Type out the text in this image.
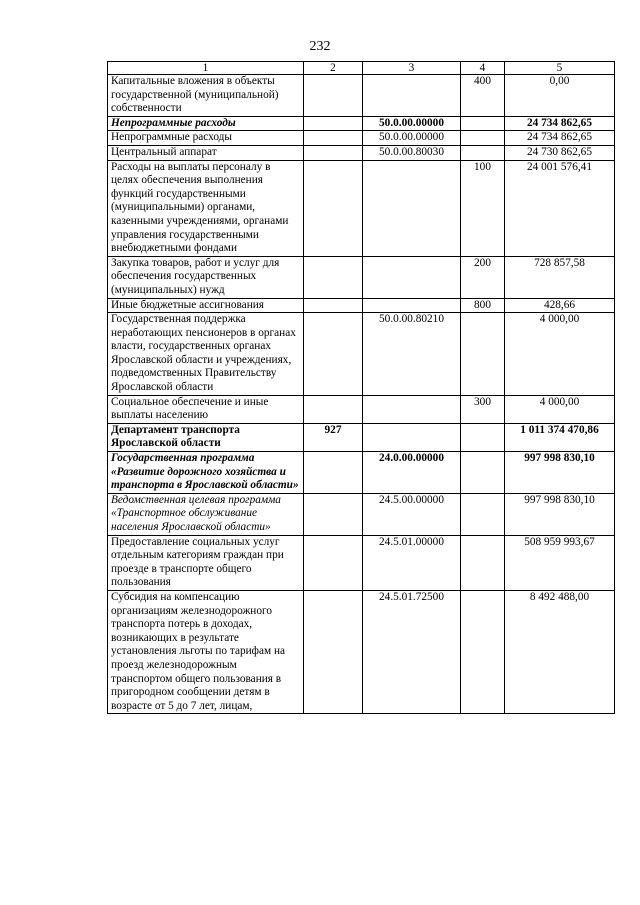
232
1	2	3	4	5
Капитальные вложения в объекты государственной (муниципальной) собственности			400	0,00
Непрограммные расходы		50.0.00.00000		24 734 862,65
Непрограммные расходы		50.0.00.00000		24 734 862,65
Центральный аппарат		50.0.00.80030		24 730 862,65
Расходы на выплаты персоналу в целях обеспечения выполнения функций государственными (муниципальными) органами, казенными учреждениями, органами управления государственными внебюджетными фондами			100	24 001 576,41
Закупка товаров, работ и услуг для обеспечения государственных (муниципальных) нужд			200	728 857,58
Иные бюджетные ассигнования			800	428,66
Государственная поддержка неработающих пенсионеров в органах власти, государственных органах Ярославской области и учреждениях, подведомственных Правительству Ярославской области		50.0.00.80210		4 000,00
Социальное обеспечение и иные выплаты населению			300	4 000,00
Департамент транспорта Ярославской области	927			1 011 374 470,86
Государственная программа «Развитие дорожного хозяйства и транспорта в Ярославской области»		24.0.00.00000		997 998 830,10
Ведомственная целевая программа «Транспортное обслуживание населения Ярославской области»		24.5.00.00000		997 998 830,10
Предоставление социальных услуг отдельным категориям граждан при проезде в транспорте общего пользования		24.5.01.00000		508 959 993,67
Субсидия на компенсацию организациям железнодорожного транспорта потерь в доходах, возникающих в результате установления льготы по тарифам на проезд железнодорожным транспортом общего пользования в пригородном сообщении детям в возрасте от 5 до 7 лет, лицам,		24.5.01.72500		8 492 488,00
